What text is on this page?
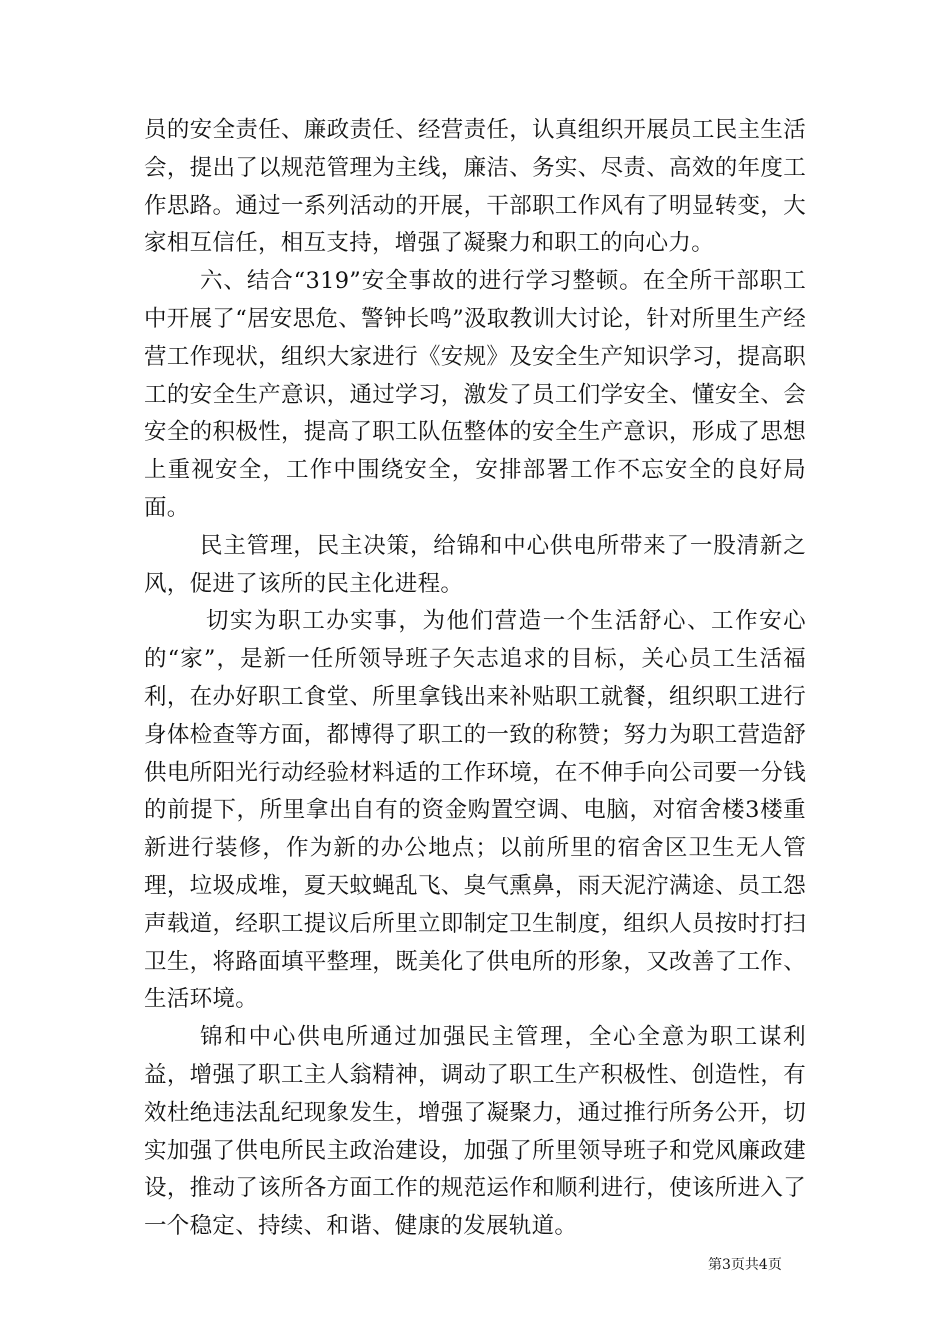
员的安全责任、廉政责任、经营责任，认真组织开展员工民主生活会，提出了以规范管理为主线，廉洁、务实、尽责、高效的年度工作思路。通过一系列活动的开展，干部职工作风有了明显转变，大家相互信任，相互支持，增强了凝聚力和职工的向心力。

六、结合“319”安全事故的进行学习整顿。在全所干部职工中开展了“居安思危、警钟长鸣”汲取教训大讨论，针对所里生产经营工作现状，组织大家进行《安规》及安全生产知识学习，提高职工的安全生产意识，通过学习，激发了员工们学安全、懂安全、会安全的积极性，提高了职工队伍整体的安全生产意识，形成了思想上重视安全，工作中围绕安全，安排部署工作不忘安全的良好局面。

民主管理，民主决策，给锦和中心供电所带来了一股清新之风，促进了该所的民主化进程。

切实为职工办实事，为他们营造一个生活舒心、工作安心的“家”，是新一任所领导班子矢志追求的目标，关心员工生活福利，在办好职工食堂、所里拿钱出来补贴职工就餐，组织职工进行身体检查等方面，都博得了职工的一致的称赞；努力为职工营造舒供电所阳光行动经验材料适的工作环境，在不伸手向公司要一分钱的前提下，所里拿出自有的资金购置空调、电脑，对宿舍楼3楼重新进行装修，作为新的办公地点；以前所里的宿舍区卫生无人管理，垃圾成堆，夏天蚊蝇乱飞、臭气熏鼻，雨天泥泞满途、员工怨声载道，经职工提议后所里立即制定卫生制度，组织人员按时打扫卫生，将路面填平整理，既美化了供电所的形象，又改善了工作、生活环境。

锦和中心供电所通过加强民主管理，全心全意为职工谋利益，增强了职工主人翁精神，调动了职工生产积极性、创造性，有效杜绝违法乱纪现象发生，增强了凝聚力，通过推行所务公开，切实加强了供电所民主政治建设，加强了所里领导班子和党风廉政建设，推动了该所各方面工作的规范运作和顺利进行，使该所进入了一个稳定、持续、和谐、健康的发展轨道。

第3页共4页
